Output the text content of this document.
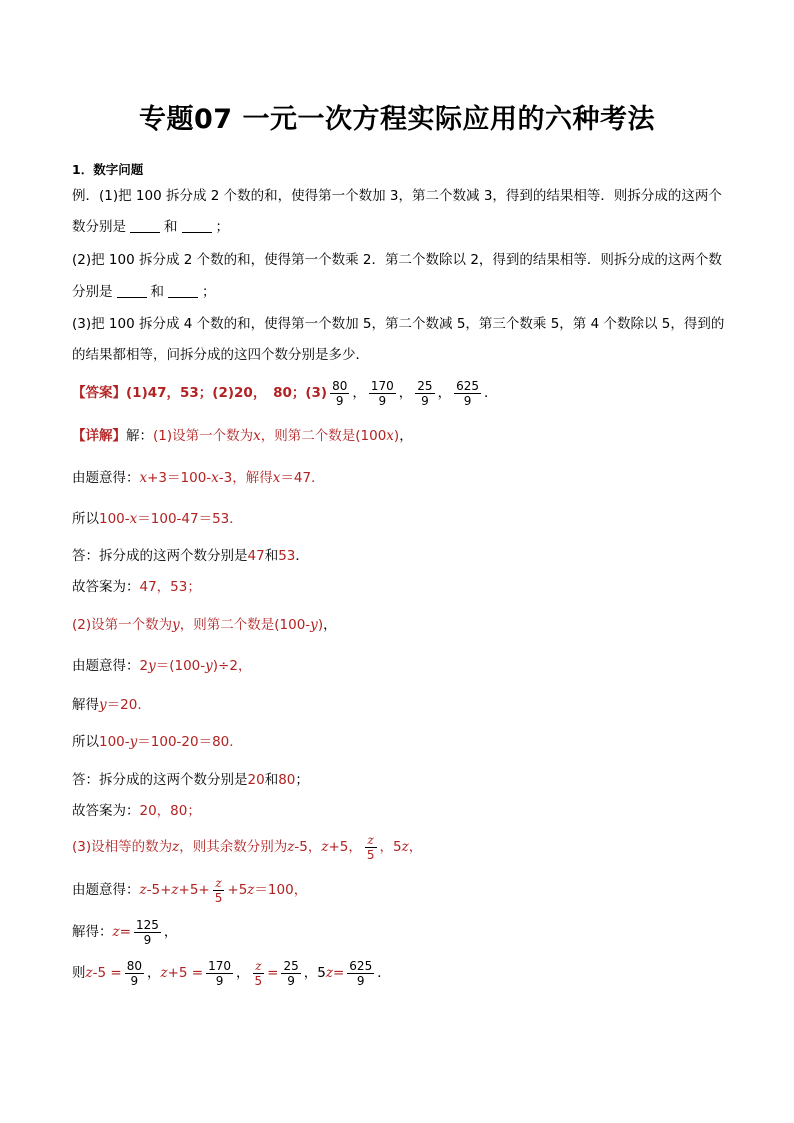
专题07 一元一次方程实际应用的六种考法
1．数字问题
例．(1)把 100 拆分成 2 个数的和，使得第一个数加 3，第二个数减 3，得到的结果相等．则拆分成的这两个
数分别是	和	；
(2)把 100 拆分成 2 个数的和，使得第一个数乘 2．第二个数除以 2，得到的结果相等．则拆分成的这两个数
分别是	和	；
(3)把 100 拆分成 4 个数的和，使得第一个数加 5，第二个数减 5，第三个数乘 5，第 4 个数除以 5，得到的
的结果都相等，问拆分成的这四个数分别是多少．
【答案】(1)47，53；(2)20，　80；$(3) \frac{80}{9}$ ， $\frac{170}{9}$ ， $\frac{25}{9}$ ， $\frac{625}{9}$ ．
【详解】解：(1)设第一个数为x，则第二个数是(100x)，
由题意得：x+3＝100-x-3，解得x＝47．
所以100-x＝100-47＝53．
答：拆分成的这两个数分别是47和53．
故答案为：47，53；
(2)设第一个数为y，则第二个数是(100-y)，
由题意得：2y＝(100-y)÷2，
解得y＝20．
所以100-y＝100-20＝80．
答：拆分成的这两个数分别是20和80；
故答案为：20，80；
(3)设相等的数为z，则其余数分别为z-5，z+5， $\frac{z}{5}$ ，5z，
由题意得：$z-5+z+5+ \frac{z}{5} +5z=100$，
解得：$z= \frac{125}{9}$ ，
则$z-5 = \frac{80}{9}$ ，$z+5 = \frac{170}{9}$ ， $\frac{z}{5} = \frac{25}{9}$ ，$5z= \frac{625}{9}$ ．
